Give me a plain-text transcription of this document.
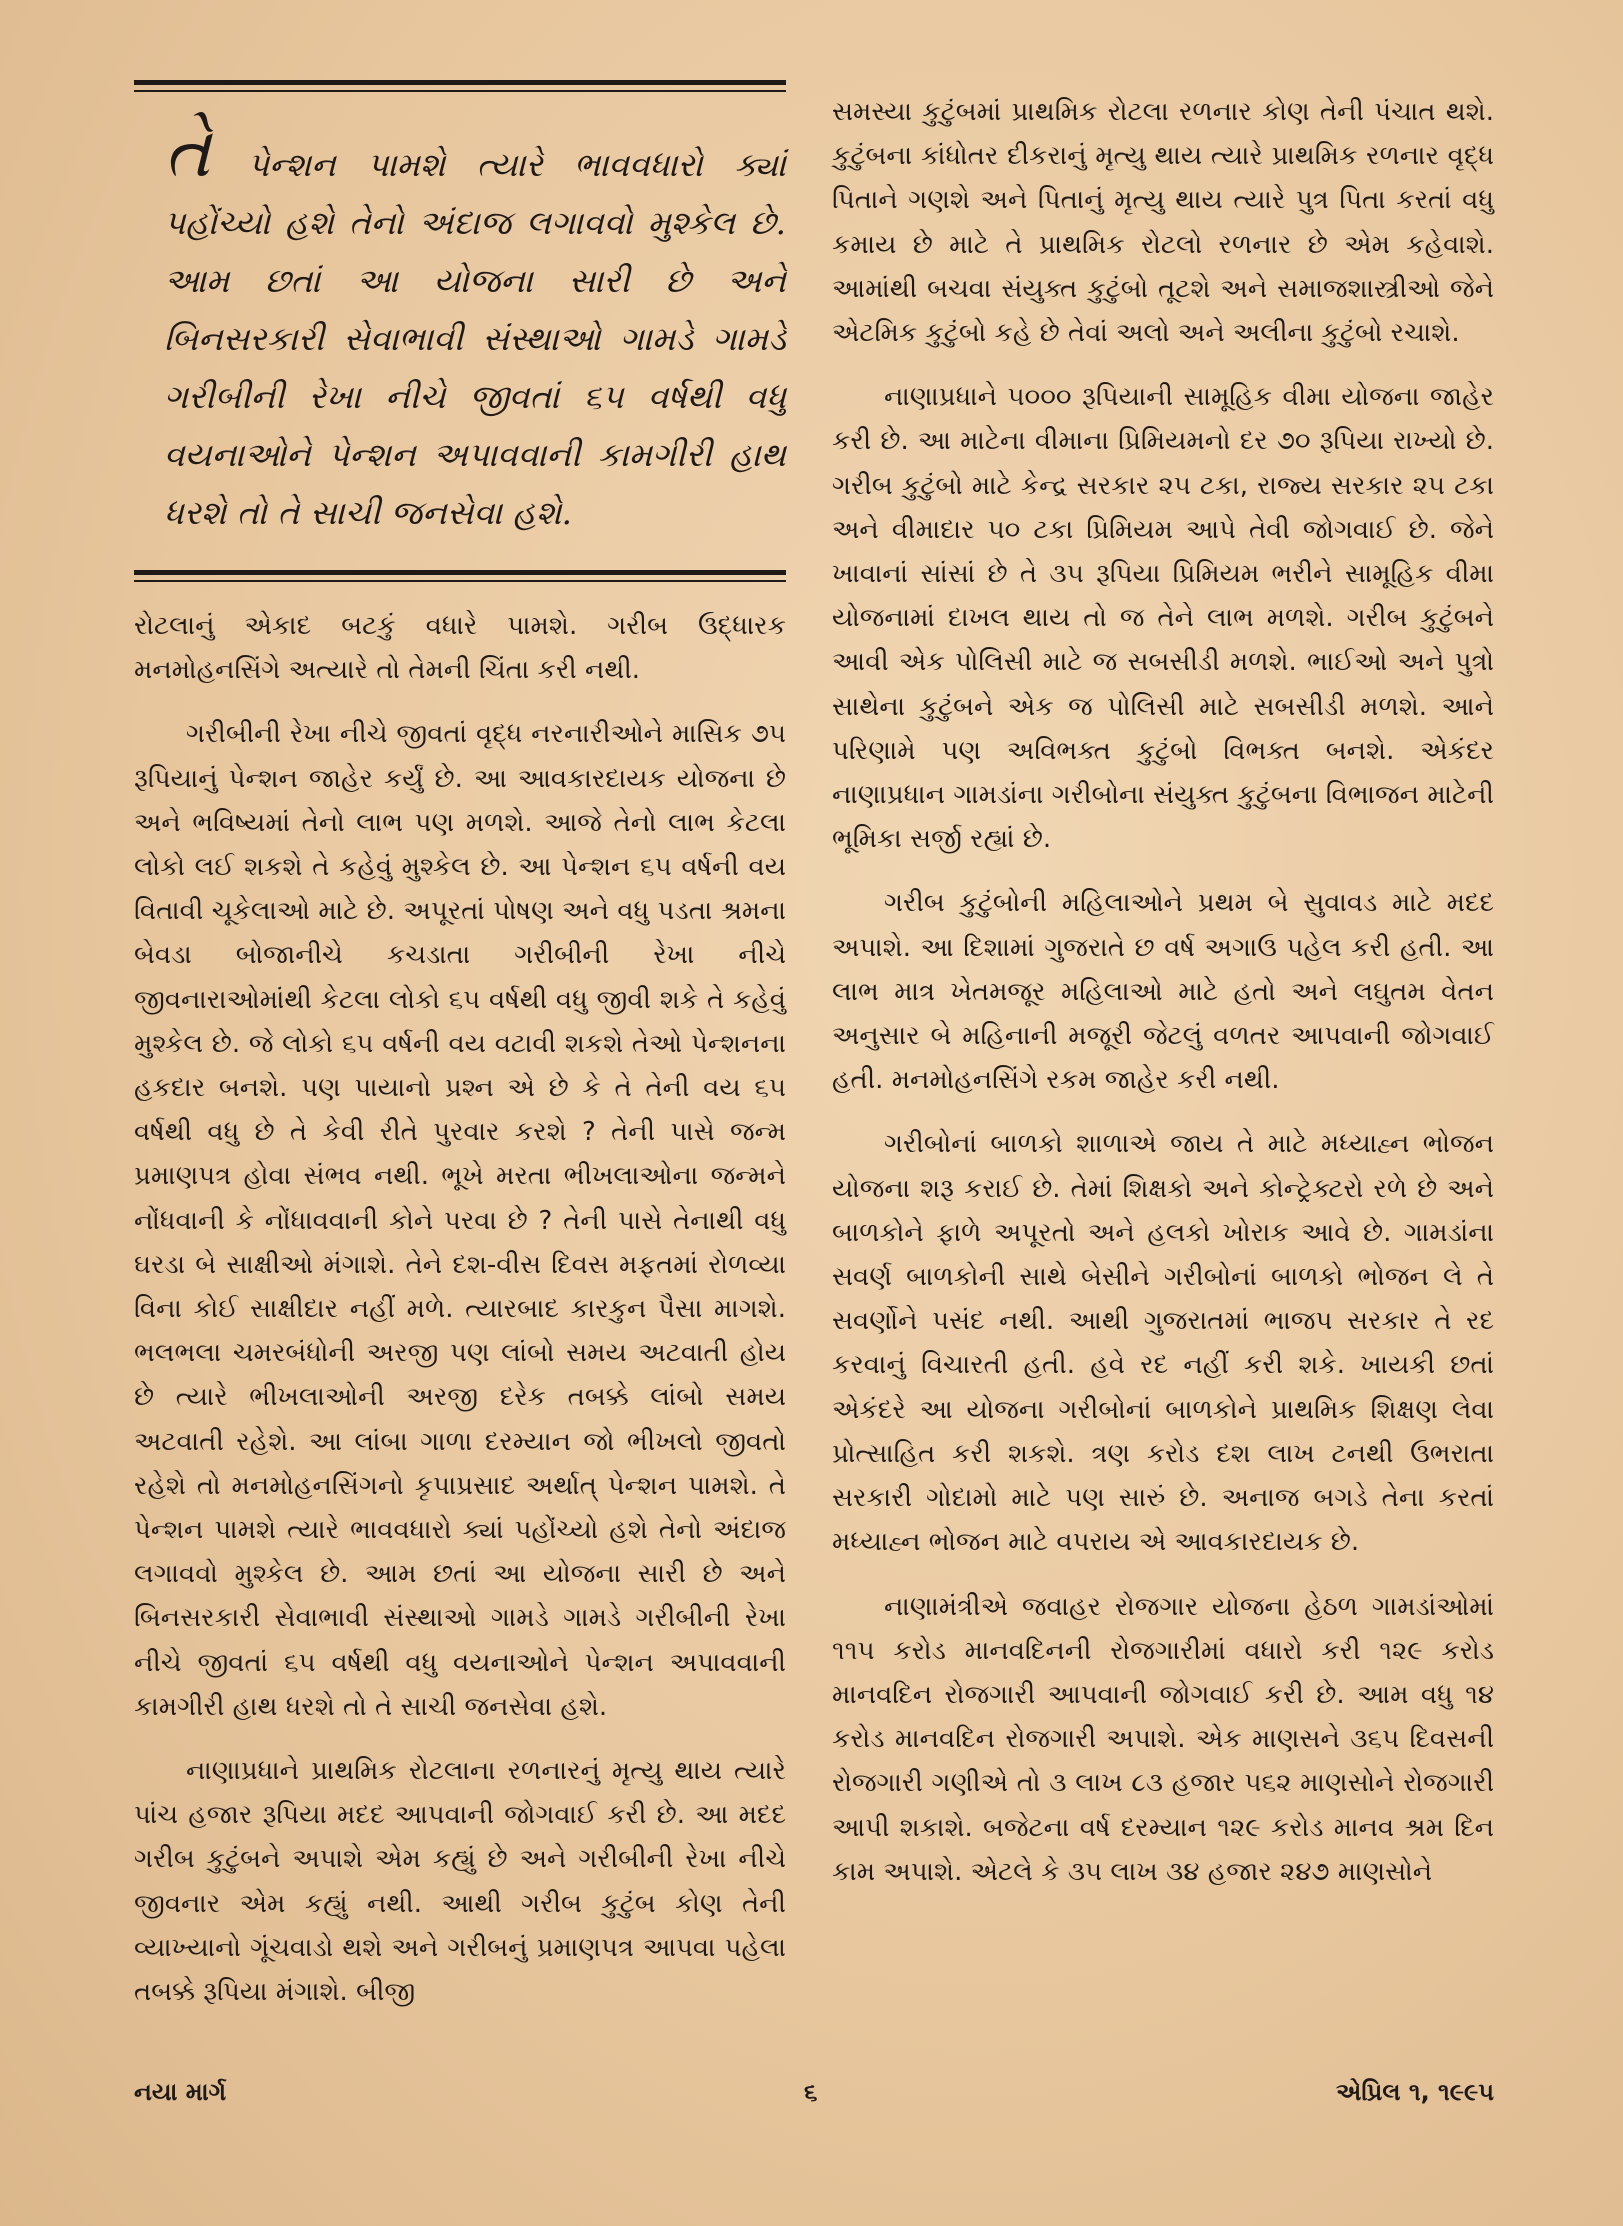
તે પેન્શન પામશે ત્યારે ભાવવધારો ક્યાં પહોંચ્યો હશે તેનો અંદાજ લગાવવો મુશ્કેલ છે. આમ છતાં આ યોજના સારી છે અને બિનસરકારી સેવાભાવી સંસ્થાઓ ગામડે ગામડે ગરીબીની રેખા નીચે જીવતાં ૬૫ વર્ષથી વધુ વયનાઓને પેન્શન અપાવવાની કામગીરી હાથ ધરશે તો તે સાચી જનસેવા હશે.

રોટલાનું એકાદ બટકું વધારે પામશે. ગરીબ ઉદ્ધારક મનમોહનસિંગે અત્યારે તો તેમની ચિંતા કરી નથી.

ગરીબીની રેખા નીચે જીવતાં વૃદ્ધ નરનારીઓને માસિક ૭૫ રૂપિયાનું પેન્શન જાહેર કર્યું છે. આ આવકારદાયક યોજના છે અને ભવિષ્યમાં તેનો લાભ પણ મળશે. આજે તેનો લાભ કેટલા લોકો લઈ શકશે તે કહેવું મુશ્કેલ છે. આ પેન્શન ૬૫ વર્ષની વય વિતાવી ચૂકેલાઓ માટે છે. અપૂરતાં પોષણ અને વધુ પડતા શ્રમના બેવડા બોજાનીચે કચડાતા ગરીબીની રેખા નીચે જીવનારાઓમાંથી કેટલા લોકો ૬૫ વર્ષથી વધુ જીવી શકે તે કહેવું મુશ્કેલ છે. જે લોકો ૬૫ વર્ષની વય વટાવી શકશે તેઓ પેન્શનના હકદાર બનશે. પણ પાયાનો પ્રશ્ન એ છે કે તે તેની વય ૬૫ વર્ષથી વધુ છે તે કેવી રીતે પુરવાર કરશે ? તેની પાસે જન્મ પ્રમાણપત્ર હોવા સંભવ નથી. ભૂખે મરતા ભીખલાઓના જન્મને નોંધવાની કે નોંધાવવાની કોને પરવા છે ? તેની પાસે તેનાથી વધુ ઘરડા બે સાક્ષીઓ મંગાશે. તેને દશ-વીસ દિવસ મફતમાં રોળવ્યા વિના કોઈ સાક્ષીદાર નહીં મળે. ત્યારબાદ કારકુન પૈસા માગશે. ભલભલા ચમરબંધોની અરજી પણ લાંબો સમય અટવાતી હોય છે ત્યારે ભીખલાઓની અરજી દરેક તબક્કે લાંબો સમય અટવાતી રહેશે. આ લાંબા ગાળા દરમ્યાન જો ભીખલો જીવતો રહેશે તો મનમોહનસિંગનો કૃપાપ્રસાદ અર્થાત્ પેન્શન પામશે. તે પેન્શન પામશે ત્યારે ભાવવધારો ક્યાં પહોંચ્યો હશે તેનો અંદાજ લગાવવો મુશ્કેલ છે. આમ છતાં આ યોજના સારી છે અને બિનસરકારી સેવાભાવી સંસ્થાઓ ગામડે ગામડે ગરીબીની રેખા નીચે જીવતાં ૬૫ વર્ષથી વધુ વયનાઓને પેન્શન અપાવવાની કામગીરી હાથ ધરશે તો તે સાચી જનસેવા હશે.

નાણાપ્રધાને પ્રાથમિક રોટલાના રળનારનું મૃત્યુ થાય ત્યારે પાંચ હજાર રૂપિયા મદદ આપવાની જોગવાઈ કરી છે. આ મદદ ગરીબ કુટુંબને અપાશે એમ કહ્યું છે અને ગરીબીની રેખા નીચે જીવનાર એમ કહ્યું નથી. આથી ગરીબ કુટુંબ કોણ તેની વ્યાખ્યાનો ગૂંચવાડો થશે અને ગરીબનું પ્રમાણપત્ર આપવા પહેલા તબક્કે રૂપિયા મંગાશે. બીજી

સમસ્યા કુટુંબમાં પ્રાથમિક રોટલા રળનાર કોણ તેની પંચાત થશે. કુટુંબના કાંધોતર દીકરાનું મૃત્યુ થાય ત્યારે પ્રાથમિક રળનાર વૃદ્ધ પિતાને ગણશે અને પિતાનું મૃત્યુ થાય ત્યારે પુત્ર પિતા કરતાં વધુ કમાય છે માટે તે પ્રાથમિક રોટલો રળનાર છે એમ કહેવાશે. આમાંથી બચવા સંયુક્ત કુટુંબો તૂટશે અને સમાજશાસ્ત્રીઓ જેને એટમિક કુટુંબો કહે છે તેવાં અલો અને અલીના કુટુંબો રચાશે.

નાણાપ્રધાને ૫૦૦૦ રૂપિયાની સામૂહિક વીમા યોજના જાહેર કરી છે. આ માટેના વીમાના પ્રિમિયમનો દર ૭૦ રૂપિયા રાખ્યો છે. ગરીબ કુટુંબો માટે કેન્દ્ર સરકાર ૨૫ ટકા, રાજ્ય સરકાર ૨૫ ટકા અને વીમાદાર ૫૦ ટકા પ્રિમિયમ આપે તેવી જોગવાઈ છે. જેને ખાવાનાં સાંસાં છે તે ૩૫ રૂપિયા પ્રિમિયમ ભરીને સામૂહિક વીમા યોજનામાં દાખલ થાય તો જ તેને લાભ મળશે. ગરીબ કુટુંબને આવી એક પોલિસી માટે જ સબસીડી મળશે. ભાઈઓ અને પુત્રો સાથેના કુટુંબને એક જ પોલિસી માટે સબસીડી મળશે. આને પરિણામે પણ અવિભક્ત કુટુંબો વિભક્ત બનશે. એકંદર નાણાપ્રધાન ગામડાંના ગરીબોના સંયુક્ત કુટુંબના વિભાજન માટેની ભૂમિકા સર્જી રહ્યાં છે.

ગરીબ કુટુંબોની મહિલાઓને પ્રથમ બે સુવાવડ માટે મદદ અપાશે. આ દિશામાં ગુજરાતે છ વર્ષ અગાઉ પહેલ કરી હતી. આ લાભ માત્ર ખેતમજૂર મહિલાઓ માટે હતો અને લઘુતમ વેતન અનુસાર બે મહિનાની મજૂરી જેટલું વળતર આપવાની જોગવાઈ હતી. મનમોહનસિંગે રકમ જાહેર કરી નથી.

ગરીબોનાં બાળકો શાળાએ જાય તે માટે મધ્યાહ્ન ભોજન યોજના શરૂ કરાઈ છે. તેમાં શિક્ષકો અને કોન્ટ્રેક્ટરો રળે છે અને બાળકોને ફાળે અપૂરતો અને હલકો ખોરાક આવે છે. ગામડાંના સવર્ણ બાળકોની સાથે બેસીને ગરીબોનાં બાળકો ભોજન લે તે સવર્ણોને પસંદ નથી. આથી ગુજરાતમાં ભાજપ સરકાર તે રદ કરવાનું વિચારતી હતી. હવે રદ નહીં કરી શકે. ખાયકી છતાં એકંદરે આ યોજના ગરીબોનાં બાળકોને પ્રાથમિક શિક્ષણ લેવા પ્રોત્સાહિત કરી શકશે. ત્રણ કરોડ દશ લાખ ટનથી ઉભરાતા સરકારી ગોદામો માટે પણ સારું છે. અનાજ બગડે તેના કરતાં મધ્યાહ્ન ભોજન માટે વપરાય એ આવકારદાયક છે.

નાણામંત્રીએ જવાહર રોજગાર યોજના હેઠળ ગામડાંઓમાં ૧૧૫ કરોડ માનવદિનની રોજગારીમાં વધારો કરી ૧૨૯ કરોડ માનવદિન રોજગારી આપવાની જોગવાઈ કરી છે. આમ વધુ ૧૪ કરોડ માનવદિન રોજગારી અપાશે. એક માણસને ૩૬૫ દિવસની રોજગારી ગણીએ તો ૩ લાખ ૮૩ હજાર ૫૬૨ માણસોને રોજગારી આપી શકાશે. બજેટના વર્ષ દરમ્યાન ૧૨૯ કરોડ માનવ શ્રમ દિન કામ અપાશે. એટલે કે ૩૫ લાખ ૩૪ હજાર ૨૪૭ માણસોને

નયા માર્ગ	૬	એપ્રિલ ૧, ૧૯૯૫
